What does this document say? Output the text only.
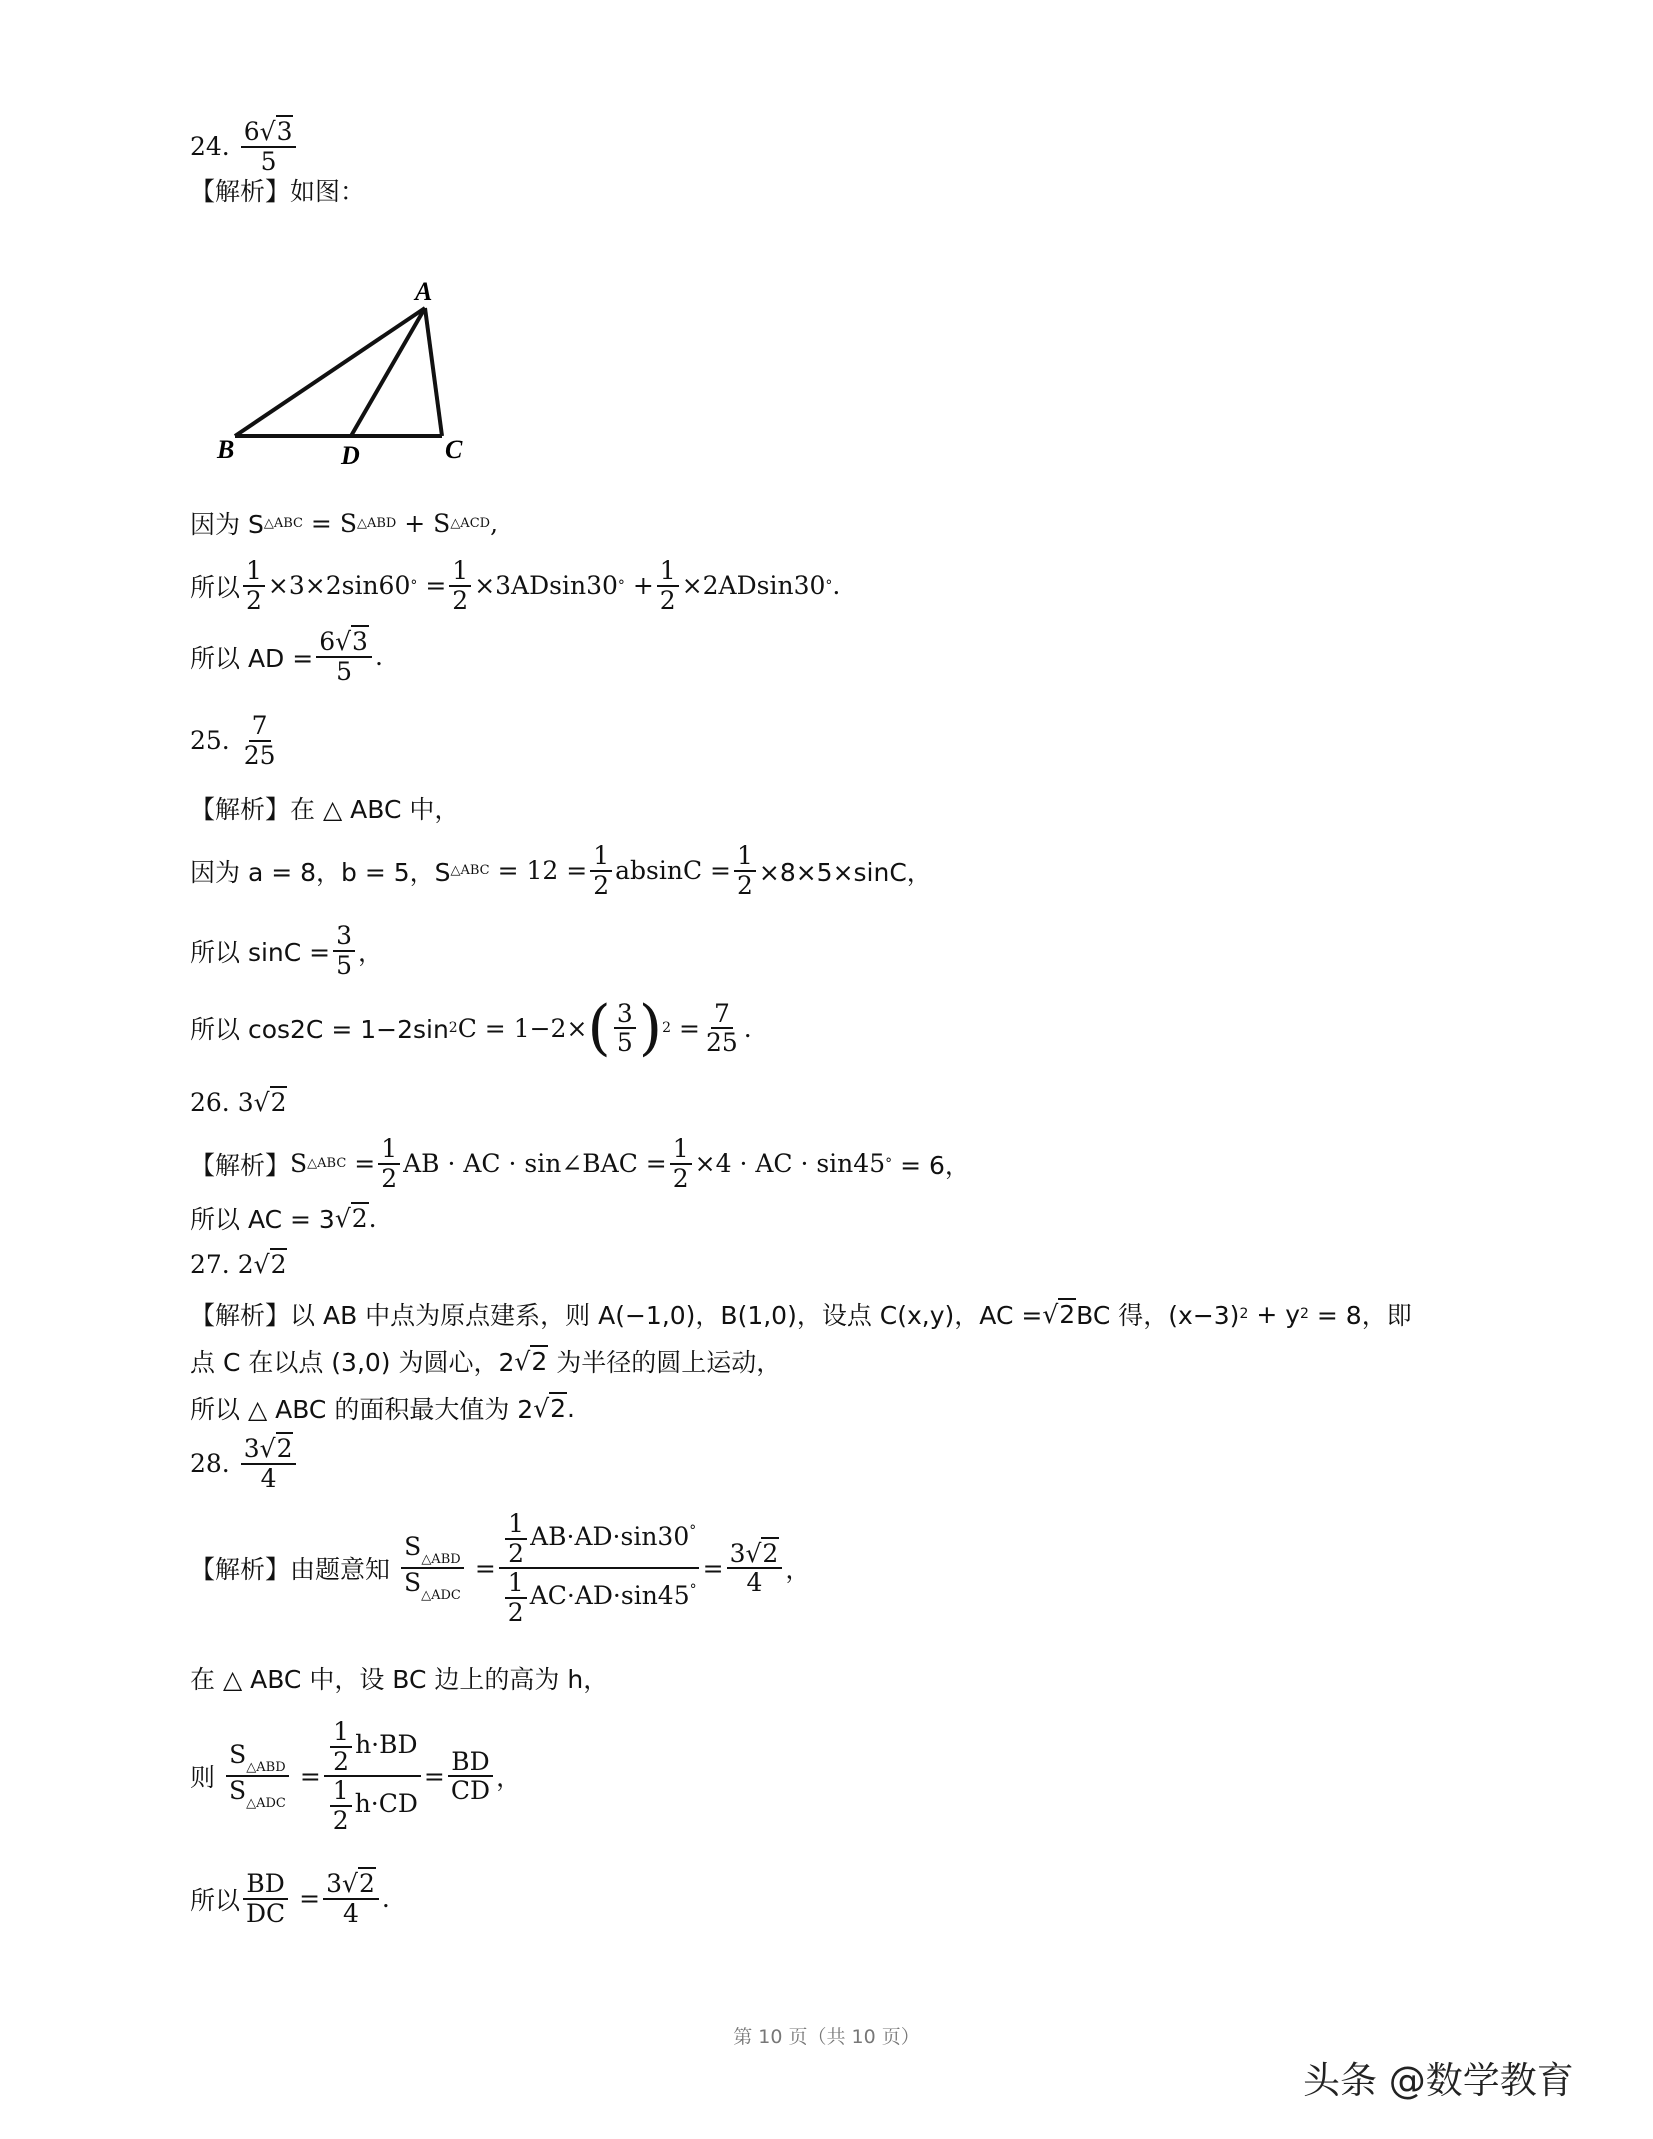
24.

6√3
5
【解析】 如图：
A
B	C
D
因为 S △ABC
= S △ABD
+ S △ACD ,
所以 $\frac{1}{2} \times 3\times 2\sin 60$ °
= $\frac{1}{2} \times 3ADsin30$ °
+ $\frac{1}{2} \times 2ADsin30$ ° .
所以 AD = $\frac{6√3}{5}$ .
25.

7
25
【解析】 在 △ ABC 中，
因为 a = 8，b = 5，S △ABC
= $12 = \frac{1}{2}$ $absinC = \frac{1}{2} \times 8\times 5\times\sin C$，
所以 $\sin C = \frac{3}{5}$ ，
所以 cos2C = 1−2sin 2 C = 1−2× ( 3
5 ) 2
= $\frac{7}{25}$ .
26.
3 √2
【解析】 S △ABC
= $\frac{1}{2}$ AB · AC · sin∠BAC = $\frac{1}{2} \times 4$ · AC · sin45 °
= 6，
所以 AC = 3 √2 .
27.
2 √2
【解析】 以 AB 中点为原点建系，则 A(−1,0)，B(1,0)，设点 C(x,y)，AC = √2 BC 得，(x−3) 2
+ y 2
= 8，即
点 C 在以点 (3,0) 为圆心，2 √2
为半径的圆上运动，
所以 △ ABC 的面积最大值为 2 √2 .
28.

3√2
4
【解析】 由题意知

$S_{\triangle ABD}$
$S_{\triangle ADC}$

= $\frac{\frac{1}{2} AB\cdot AD\cdot\sin 30^\circ}{\frac{1}{2} AC\cdot AD\cdot\sin 45^\circ} = \frac{3√2}{4}$ ，
在 △ ABC 中，设 BC 边上的高为 h，
则

$S_{\triangle ABD}$
$S_{\triangle ADC}$

= $\frac{\frac{1}{2} h\cdot BD}{\frac{1}{2} h\cdot CD} = \frac{BD}{CD}$ ，
所以 $\frac{BD}{DC}$
= $\frac{3√2}{4}$ .
第 10 页（共 10 页）
头条 @数学教育
